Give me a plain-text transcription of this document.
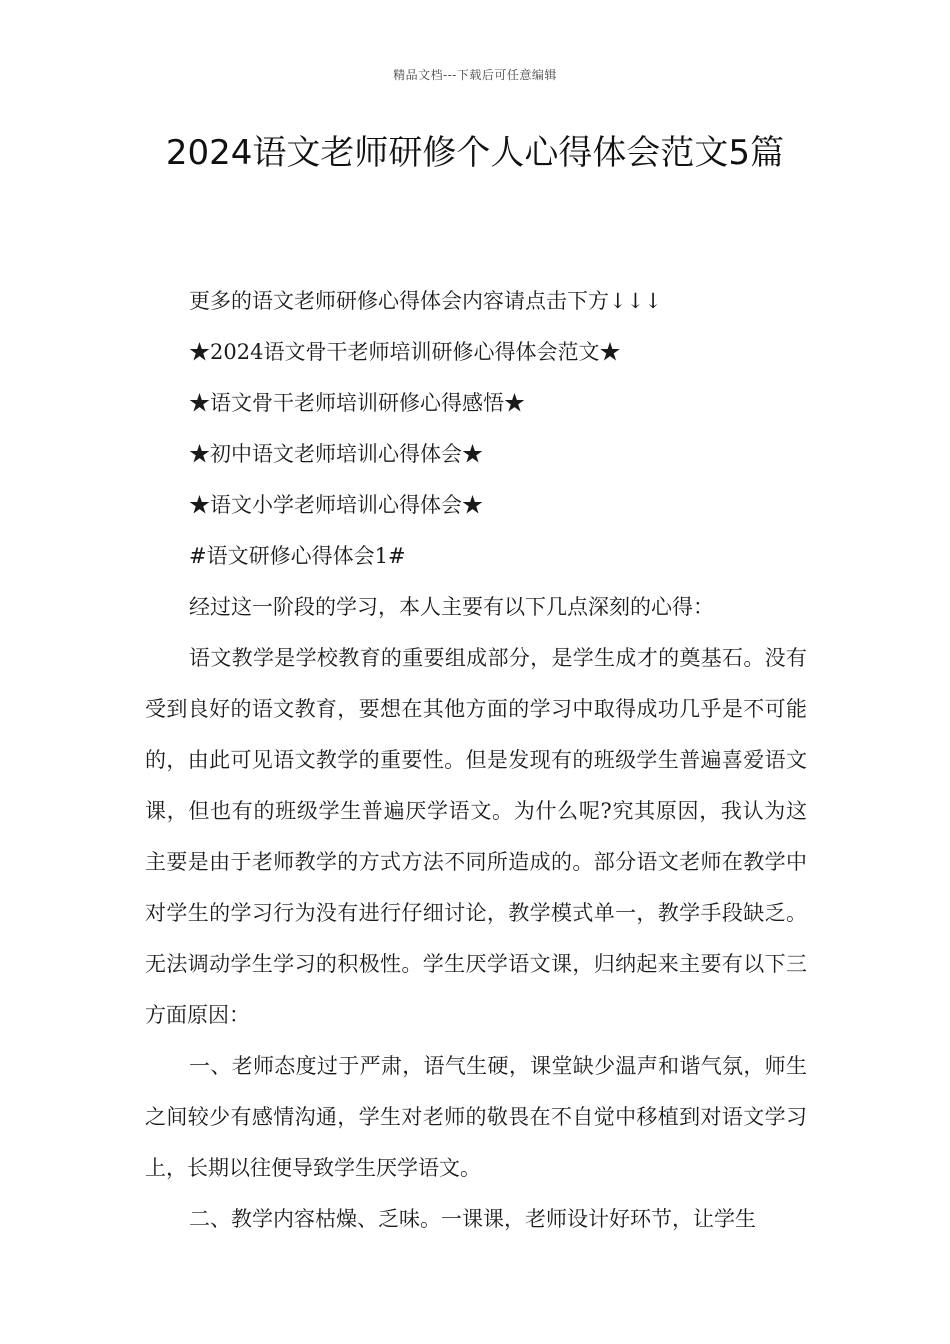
精品文档---下载后可任意编辑
2024语文老师研修个人心得体会范文5篇

更多的语文老师研修心得体会内容请点击下方↓↓↓

★2024语文骨干老师培训研修心得体会范文★

★语文骨干老师培训研修心得感悟★

★初中语文老师培训心得体会★

★语文小学老师培训心得体会★

#语文研修心得体会1#

经过这一阶段的学习，本人主要有以下几点深刻的心得：

语文教学是学校教育的重要组成部分，是学生成才的奠基石。没有受到良好的语文教育，要想在其他方面的学习中取得成功几乎是不可能的，由此可见语文教学的重要性。但是发现有的班级学生普遍喜爱语文课，但也有的班级学生普遍厌学语文。为什么呢?究其原因，我认为这主要是由于老师教学的方式方法不同所造成的。部分语文老师在教学中对学生的学习行为没有进行仔细讨论，教学模式单一，教学手段缺乏。无法调动学生学习的积极性。学生厌学语文课，归纳起来主要有以下三方面原因：

一、老师态度过于严肃，语气生硬，课堂缺少温声和谐气氛，师生之间较少有感情沟通，学生对老师的敬畏在不自觉中移植到对语文学习上，长期以往便导致学生厌学语文。

二、教学内容枯燥、乏味。一课课，老师设计好环节，让学生
